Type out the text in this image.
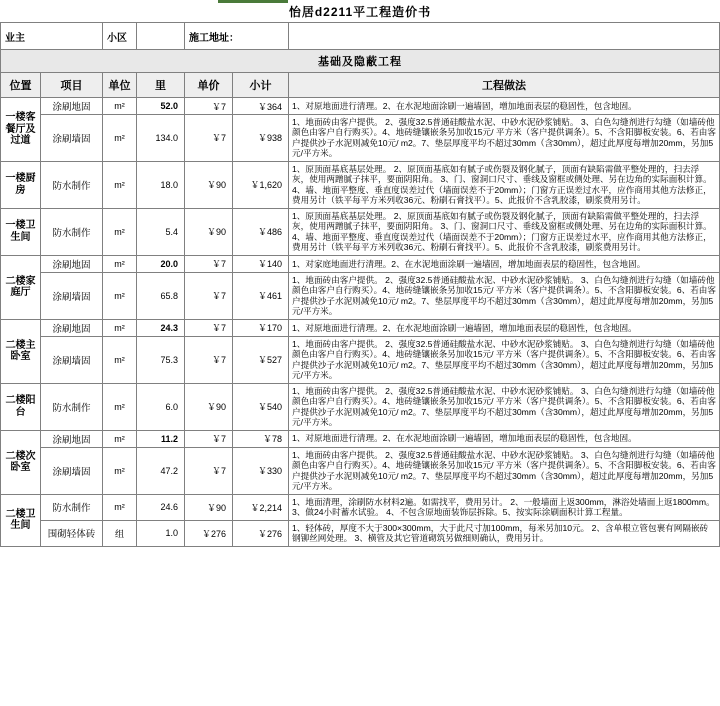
怡居d2211平工程造价书
业主		小区		施工地址：		
基础及隐蔽工程						
位置	项目	单位	里	单价	小计	工程做法
一楼客餐厅及过道	涂刷地固	m²	52.0	￥7	￥364	1、对原地面进行清理。2、在水泥地面涂刷一遍墙固，增加地面表层的稳固性，包含地固。
	涂刷墙固	m²	134.0	￥7	￥938	1、地面砖由客户提供。 2、强度32.5普通硅酸盐水泥、中砂水泥砂浆铺贴。 3、白色勾缝剂进行勾缝（如墙砖他颜色由客户自行购买）。4、地砖缝镶嵌条另加收15元/ 平方米（客户提供调条）。5、不含阳脚板安装。6、若由客户提供沙子水泥则减免10元/ m2。7、垫层厚度平均不超过30mm（含30mm），超过此厚度每增加20mm，另加5元/平方米。
一楼厨房	防水制作	m²	18.0	￥90	￥1,620	1、原顶面基底基层处理。 2、原顶面基底如有腻子或伤裂及钢化腻子，顶面有缺陷需做平整处理的，扫去浮灰，使用两蹭腻子抹平，要面阴阳角。 3、门、窗洞口尺寸、垂线及窗框或侧处理、另在边角的实际面积计算。 4、墙、地面平整度、垂直度误差过代（墙面误差不于20mm）；门窗方正误差过水平，应作商用其他方法修正，费用另计（铁平每平方米列收36元、粉刷石膏找平）。5、此报价不含乳胶漆，刷浆费用另计。
一楼卫生间	防水制作	m²	5.4	￥90	￥486	1、原顶面基底基层处理。 2、原顶面基底如有腻子或伤裂及钢化腻子，顶面有缺陷需做平整处理的，扫去浮灰，使用两蹭腻子抹平，要面阴阳角。 3、门、窗洞口尺寸、垂线及窗框或侧处理、另在边角的实际面积计算。 4、墙、地面平整度、垂直度误差过代（墙面误差不于20mm）；门窗方正误差过水平，应作商用其他方法修正，费用另计（铁平每平方米列收36元、粉刷石膏找平）。5、此报价不含乳胶漆，刷浆费用另计。
二楼家庭厅	涂刷地固	m²	20.0	￥7	￥140	1、对家庭地面进行清理。2、在水泥地面涂刷一遍墙固，增加地面表层的稳固性，包含地固。
	涂刷墙固	m²	65.8	￥7	￥461	1、地面砖由客户提供。 2、强度32.5普通硅酸盐水泥、中砂水泥砂浆铺贴。 3、白色勾缝剂进行勾缝（如墙砖他颜色由客户自行购买）。4、地砖缝镶嵌条另加收15元/ 平方米（客户提供调条）。5、不含阳脚板安装。6、若由客户提供沙子水泥则减免10元/ m2。7、垫层厚度平均不超过30mm（含30mm），超过此厚度每增加20mm，另加5元/平方米。
二楼主卧室	涂刷地固	m²	24.3	￥7	￥170	1、对原地面进行清理。2、在水泥地面涂刷一遍墙固，增加地面表层的稳固性，包含地固。
	涂刷墙固	m²	75.3	￥7	￥527	1、地面砖由客户提供。 2、强度32.5普通硅酸盐水泥、中砂水泥砂浆铺贴。 3、白色勾缝剂进行勾缝（如墙砖他颜色由客户自行购买）。4、地砖缝镶嵌条另加收15元/ 平方米（客户提供调条）。5、不含阳脚板安装。6、若由客户提供沙子水泥则减免10元/ m2。7、垫层厚度平均不超过30mm（含30mm），超过此厚度每增加20mm，另加5元/平方米。
二楼阳台	防水制作	m²	6.0	￥90	￥540	1、地面砖由客户提供。 2、强度32.5普通硅酸盐水泥、中砂水泥砂浆铺贴。 3、白色勾缝剂进行勾缝（如墙砖他颜色由客户自行购买）。4、地砖缝镶嵌条另加收15元/ 平方米（客户提供调条）。5、不含阳脚板安装。6、若由客户提供沙子水泥则减免10元/ m2。7、垫层厚度平均不超过30mm（含30mm），超过此厚度每增加20mm，另加5元/平方米。
二楼次卧室	涂刷地固	m²	11.2	￥7	￥78	1、对原地面进行清理。2、在水泥地面涂刷一遍墙固，增加地面表层的稳固性，包含地固。
	涂刷墙固	m²	47.2	￥7	￥330	1、地面砖由客户提供。 2、强度32.5普通硅酸盐水泥、中砂水泥砂浆铺贴。 3、白色勾缝剂进行勾缝（如墙砖他颜色由客户自行购买）。4、地砖缝镶嵌条另加收15元/ 平方米（客户提供调条）。5、不含阳脚板安装。6、若由客户提供沙子水泥则减免10元/ m2。7、垫层厚度平均不超过30mm（含30mm），超过此厚度每增加20mm，另加5元/平方米。
二楼卫生间	防水制作	m²	24.6	￥90	￥2,214	1、地面清理，涂刷防水材料2遍。如需找平，费用另计。 2、一般墙面上返300mm，淋浴处墙面上返1800mm。3、做24小时蓄水试验。 4、不包含原地面装饰层拆除。5、按实际涂刷面积计算工程量。
	围砌轻体砖	组	1.0	￥276	￥276	1、轻体砖，厚度不大于300×300mm，大于此尺寸加100mm，每米另加10元。 2、含单根立管包裹有网隔嵌砖钢铆丝网处理。 3、横管及其它管道砌筑另做细则确认，费用另计。
